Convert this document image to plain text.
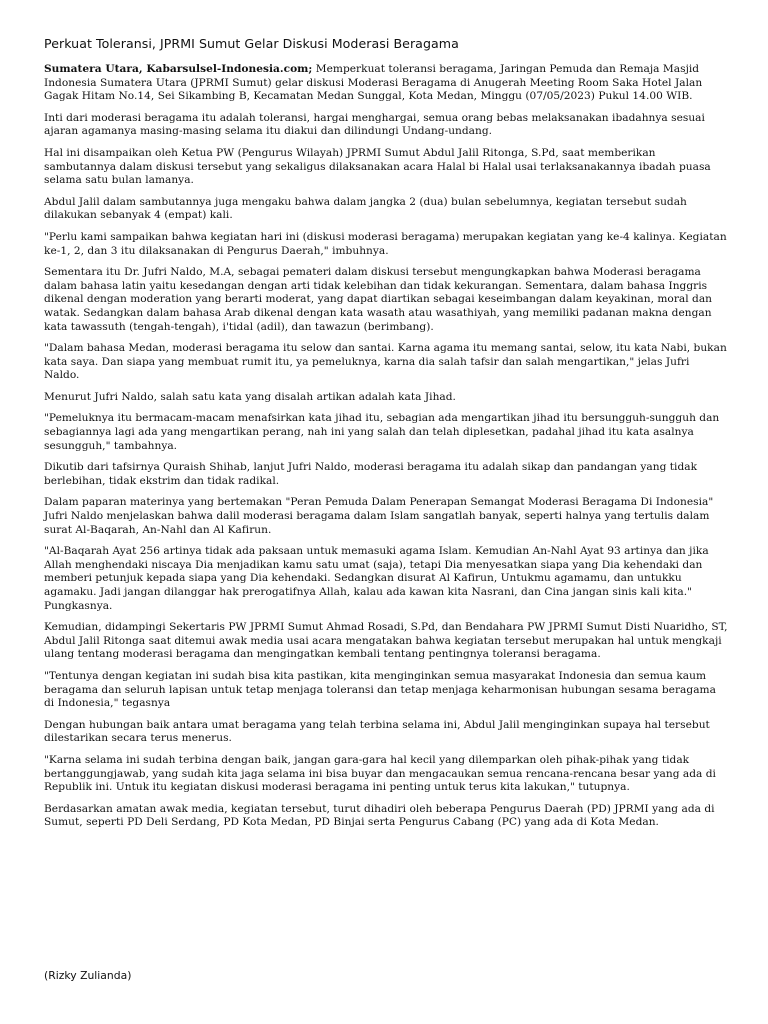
Perkuat Toleransi, JPRMI Sumut Gelar Diskusi Moderasi Beragama

Sumatera Utara, Kabarsulsel-Indonesia.com; Memperkuat toleransi beragama, Jaringan Pemuda dan Remaja Masjid Indonesia Sumatera Utara (JPRMI Sumut) gelar diskusi Moderasi Beragama di Anugerah Meeting Room Saka Hotel Jalan Gagak Hitam No.14, Sei Sikambing B, Kecamatan Medan Sunggal, Kota Medan, Minggu (07/05/2023) Pukul 14.00 WIB.

Inti dari moderasi beragama itu adalah toleransi, hargai menghargai, semua orang bebas melaksanakan ibadahnya sesuai ajaran agamanya masing-masing selama itu diakui dan dilindungi Undang-undang.

Hal ini disampaikan oleh Ketua PW (Pengurus Wilayah) JPRMI Sumut Abdul Jalil Ritonga, S.Pd, saat memberikan sambutannya dalam diskusi tersebut yang sekaligus dilaksanakan acara Halal bi Halal usai terlaksanakannya ibadah puasa selama satu bulan lamanya.

Abdul Jalil dalam sambutannya juga mengaku bahwa dalam jangka 2 (dua) bulan sebelumnya, kegiatan tersebut sudah dilakukan sebanyak 4 (empat) kali.

"Perlu kami sampaikan bahwa kegiatan hari ini (diskusi moderasi beragama) merupakan kegiatan yang ke-4 kalinya. Kegiatan ke-1, 2, dan 3 itu dilaksanakan di Pengurus Daerah," imbuhnya.

Sementara itu Dr. Jufri Naldo, M.A, sebagai pemateri dalam diskusi tersebut mengungkapkan bahwa Moderasi beragama dalam bahasa latin yaitu kesedangan dengan arti tidak kelebihan dan tidak kekurangan. Sementara, dalam bahasa Inggris dikenal dengan moderation yang berarti moderat, yang dapat diartikan sebagai keseimbangan dalam keyakinan, moral dan watak. Sedangkan dalam bahasa Arab dikenal dengan kata wasath atau wasathiyah, yang memiliki padanan makna dengan kata tawassuth (tengah-tengah), i'tidal (adil), dan tawazun (berimbang).

"Dalam bahasa Medan, moderasi beragama itu selow dan santai. Karna agama itu memang santai, selow, itu kata Nabi, bukan kata saya. Dan siapa yang membuat rumit itu, ya pemeluknya, karna dia salah tafsir dan salah mengartikan," jelas Jufri Naldo.

Menurut Jufri Naldo, salah satu kata yang disalah artikan adalah kata Jihad.

"Pemeluknya itu bermacam-macam menafsirkan kata jihad itu, sebagian ada mengartikan jihad itu bersungguh-sungguh dan sebagiannya lagi ada yang mengartikan perang, nah ini yang salah dan telah diplesetkan, padahal jihad itu kata asalnya sesungguh," tambahnya.

Dikutib dari tafsirnya Quraish Shihab, lanjut Jufri Naldo, moderasi beragama itu adalah sikap dan pandangan yang tidak berlebihan, tidak ekstrim dan tidak radikal.

Dalam paparan materinya yang bertemakan "Peran Pemuda Dalam Penerapan Semangat Moderasi Beragama Di Indonesia" Jufri Naldo menjelaskan bahwa dalil moderasi beragama dalam Islam sangatlah banyak, seperti halnya yang tertulis dalam surat Al-Baqarah, An-Nahl dan Al Kafirun.

"Al-Baqarah Ayat 256 artinya tidak ada paksaan untuk memasuki agama Islam. Kemudian An-Nahl Ayat 93 artinya dan jika Allah menghendaki niscaya Dia menjadikan kamu satu umat (saja), tetapi Dia menyesatkan siapa yang Dia kehendaki dan memberi petunjuk kepada siapa yang Dia kehendaki. Sedangkan disurat Al Kafirun, Untukmu agamamu, dan untukku agamaku. Jadi jangan dilanggar hak prerogatifnya Allah, kalau ada kawan kita Nasrani, dan Cina jangan sinis kali kita." Pungkasnya.

Kemudian, didampingi Sekertaris PW JPRMI Sumut Ahmad Rosadi, S.Pd, dan Bendahara PW JPRMI Sumut Disti Nuaridho, ST, Abdul Jalil Ritonga saat ditemui awak media usai acara mengatakan bahwa kegiatan tersebut merupakan hal untuk mengkaji ulang tentang moderasi beragama dan mengingatkan kembali tentang pentingnya toleransi beragama.

"Tentunya dengan kegiatan ini sudah bisa kita pastikan, kita menginginkan semua masyarakat Indonesia dan semua kaum beragama dan seluruh lapisan untuk tetap menjaga toleransi dan tetap menjaga keharmonisan hubungan sesama beragama di Indonesia," tegasnya

Dengan hubungan baik antara umat beragama yang telah terbina selama ini, Abdul Jalil menginginkan supaya hal tersebut dilestarikan secara terus menerus.

"Karna selama ini sudah terbina dengan baik, jangan gara-gara hal kecil yang dilemparkan oleh pihak-pihak yang tidak bertanggungjawab, yang sudah kita jaga selama ini bisa buyar dan mengacaukan semua rencana-rencana besar yang ada di Republik ini. Untuk itu kegiatan diskusi moderasi beragama ini penting untuk terus kita lakukan," tutupnya.

Berdasarkan amatan awak media, kegiatan tersebut, turut dihadiri oleh beberapa Pengurus Daerah (PD) JPRMI yang ada di Sumut, seperti PD Deli Serdang, PD Kota Medan, PD Binjai serta Pengurus Cabang (PC) yang ada di Kota Medan.

(Rizky Zulianda)
